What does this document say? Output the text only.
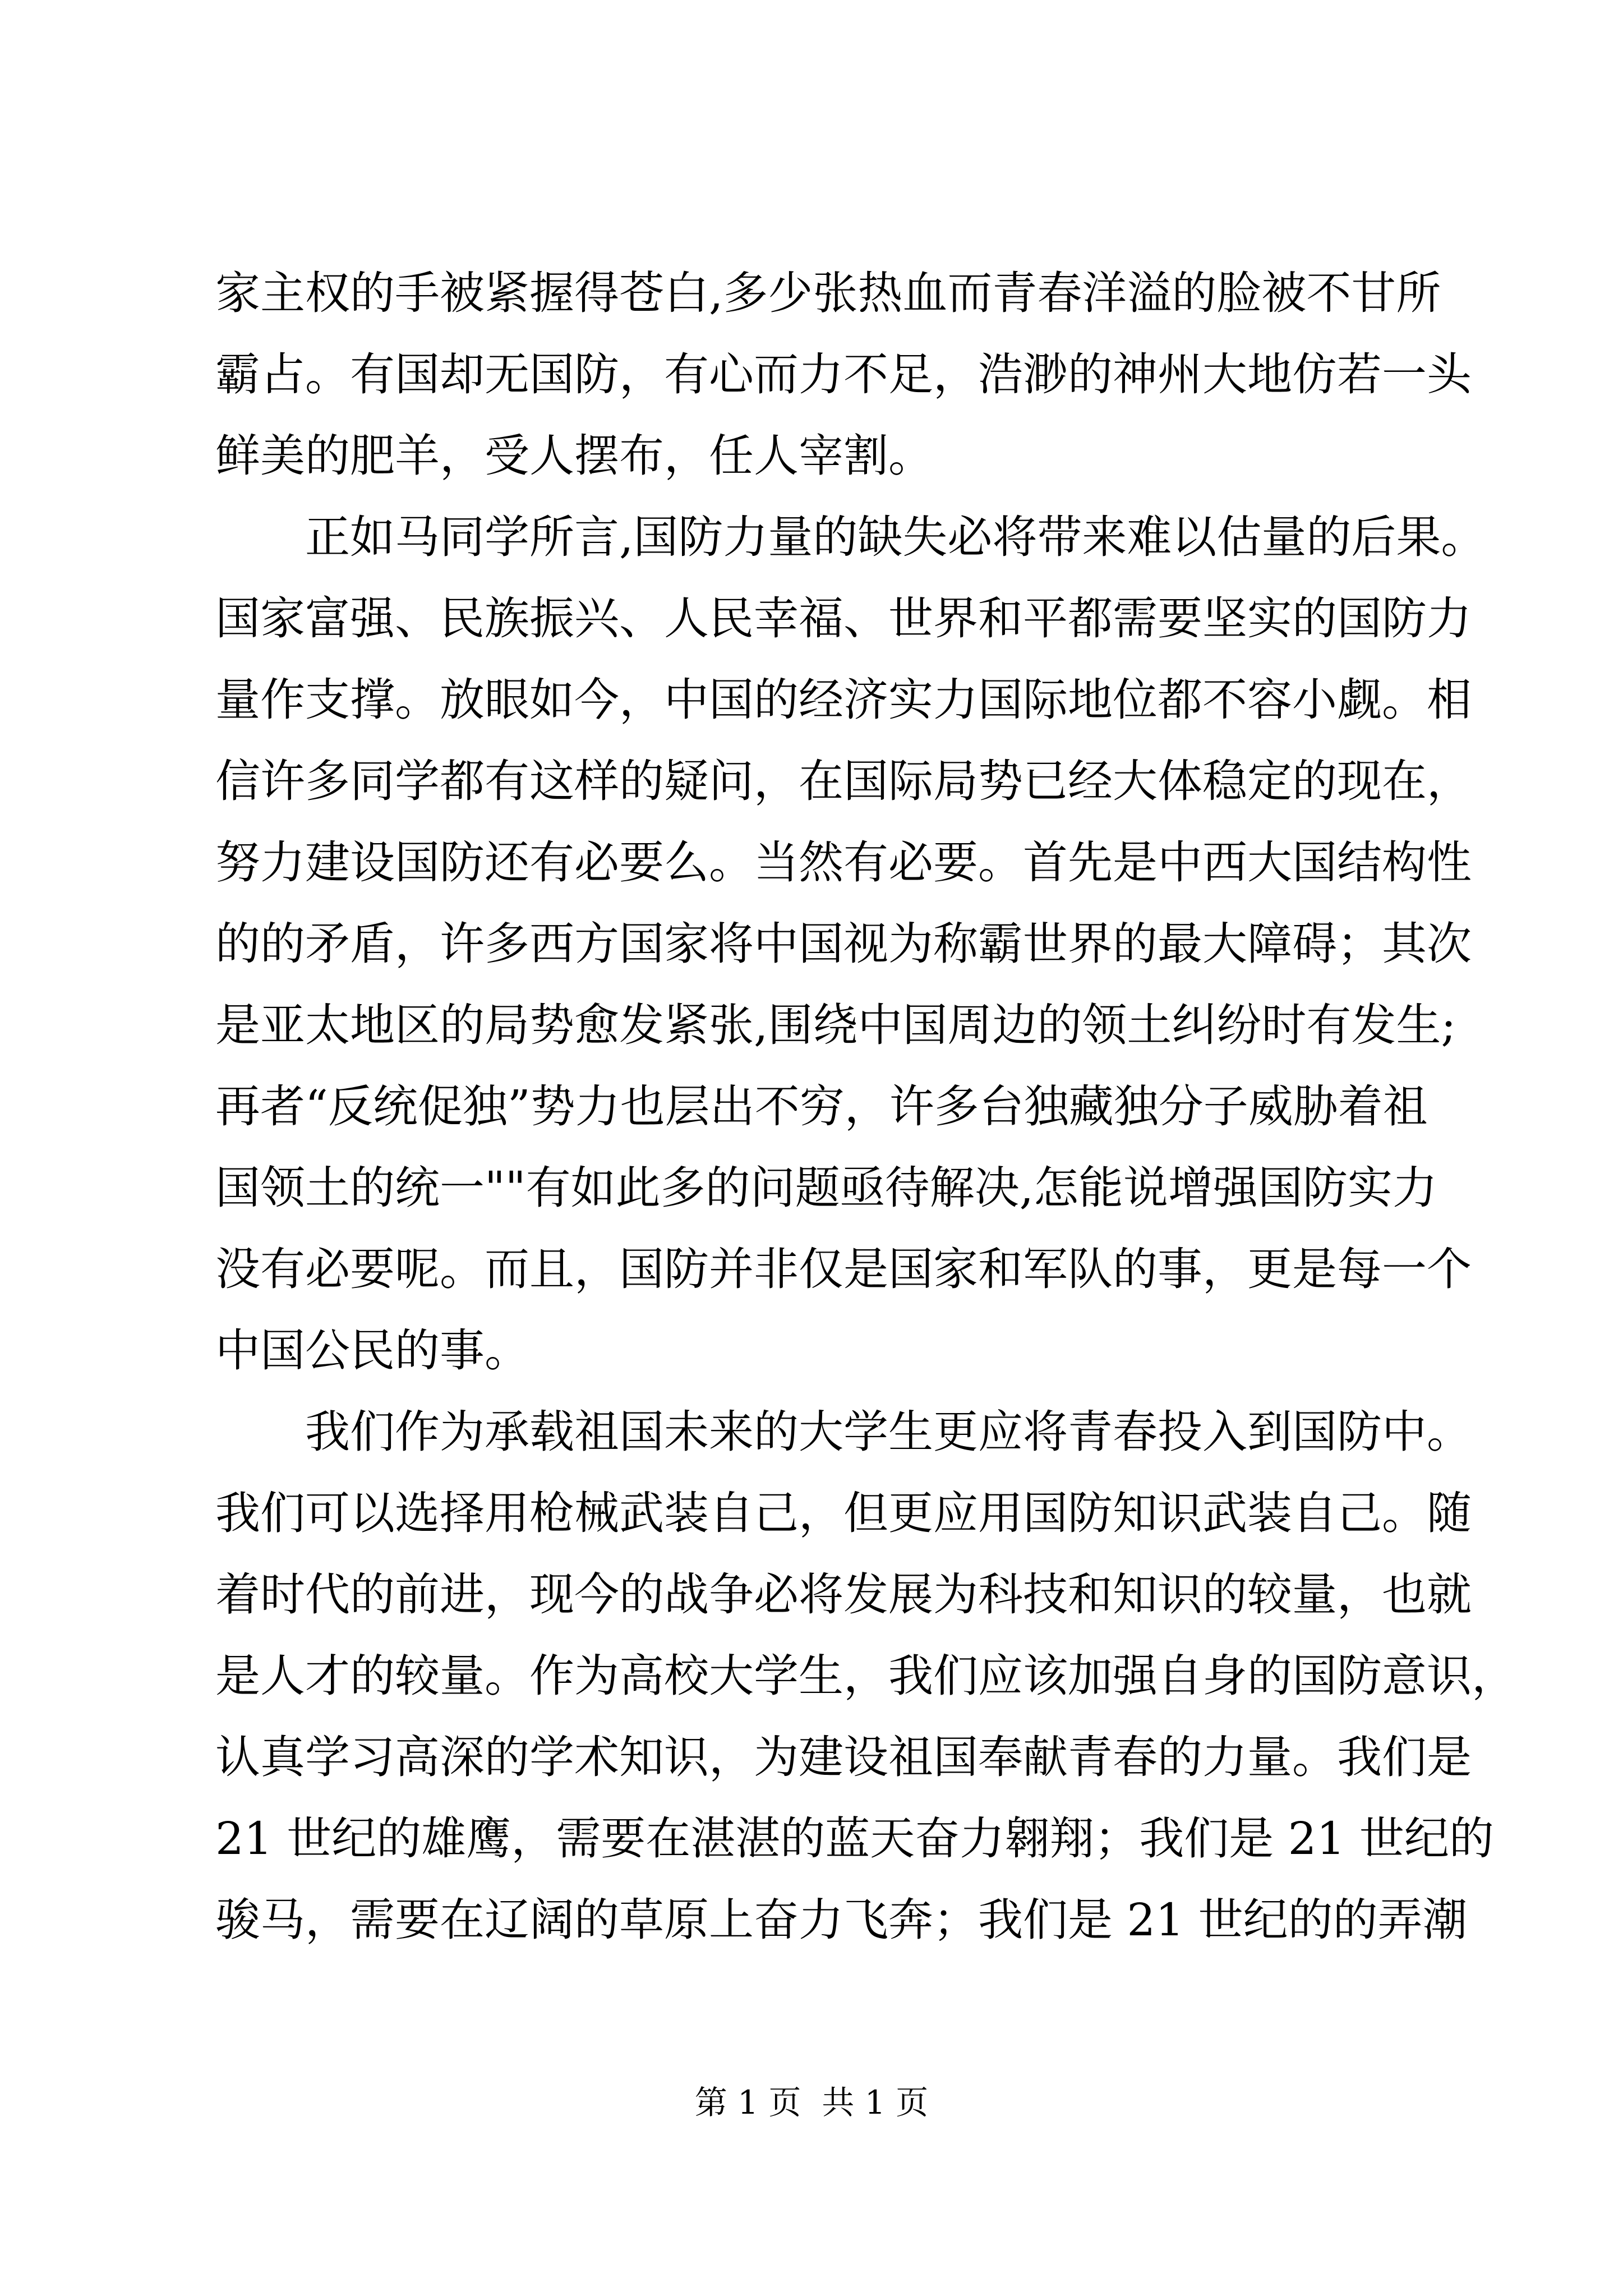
家主权的手被紧握得苍白,多少张热血而青春洋溢的脸被不甘所
霸占。有国却无国防，有心而力不足，浩渺的神州大地仿若一头
鲜美的肥羊，受人摆布，任人宰割。
正如马同学所言,国防力量的缺失必将带来难以估量的后果。
国家富强、民族振兴、人民幸福、世界和平都需要坚实的国防力
量作支撑。放眼如今，中国的经济实力国际地位都不容小觑。相
信许多同学都有这样的疑问，在国际局势已经大体稳定的现在，
努力建设国防还有必要么。当然有必要。首先是中西大国结构性
的的矛盾，许多西方国家将中国视为称霸世界的最大障碍；其次
是亚太地区的局势愈发紧张,围绕中国周边的领土纠纷时有发生;
再者“反统促独”势力也层出不穷，许多台独藏独分子威胁着祖
国领土的统一""有如此多的问题亟待解决,怎能说增强国防实力
没有必要呢。而且，国防并非仅是国家和军队的事，更是每一个
中国公民的事。
我们作为承载祖国未来的大学生更应将青春投入到国防中。
我们可以选择用枪械武装自己，但更应用国防知识武装自己。随
着时代的前进，现今的战争必将发展为科技和知识的较量，也就
是人才的较量。作为高校大学生，我们应该加强自身的国防意识，
认真学习高深的学术知识，为建设祖国奉献青春的力量。我们是
21 世纪的雄鹰，需要在湛湛的蓝天奋力翱翔；我们是 21 世纪的
骏马，需要在辽阔的草原上奋力飞奔；我们是 21 世纪的的弄潮
第 1 页  共 1 页
